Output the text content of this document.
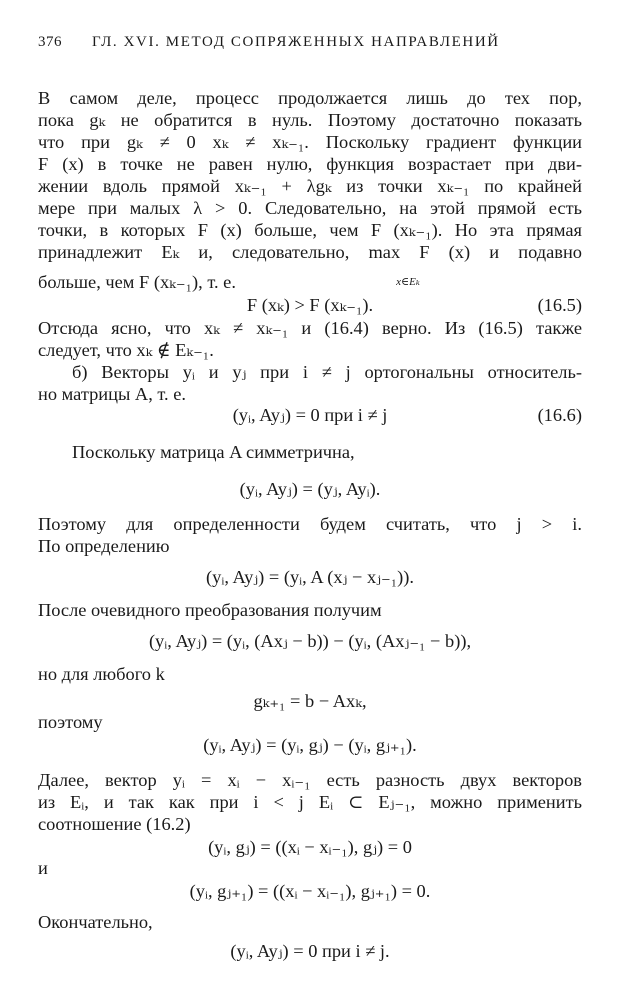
376 ГЛ. XVI. МЕТОД СОПРЯЖЕННЫХ НАПРАВЛЕНИЙ
В самом деле, процесс продолжается лишь до тех пор,
пока gₖ не обратится в нуль. Поэтому достаточно показать
что при gₖ ≠ 0 xₖ ≠ xₖ₋₁. Поскольку градиент функции
F (x) в точке не равен нулю, функция возрастает при дви-
жении вдоль прямой xₖ₋₁ + λgₖ из точки xₖ₋₁ по крайней
мере при малых λ > 0. Следовательно, на этой прямой есть
точки, в которых F (x) больше, чем F (xₖ₋₁). Но эта прямая
принадлежит Eₖ и, следовательно, max F (x) и подавно
x∈Eₖ
больше, чем F (xₖ₋₁), т. е.
F (xₖ) > F (xₖ₋₁).	(16.5)
Отсюда ясно, что xₖ ≠ xₖ₋₁ и (16.4) верно. Из (16.5) также
следует, что xₖ ∉ Eₖ₋₁.
б) Векторы yᵢ и yⱼ при i ≠ j ортогональны относитель-
но матрицы A, т. е.
(yᵢ, Ayⱼ) = 0 при i ≠ j	(16.6)
Поскольку матрица A симметрична,
(yᵢ, Ayⱼ) = (yⱼ, Ayᵢ).
Поэтому для определенности будем считать, что j > i.
По определению
(yᵢ, Ayⱼ) = (yᵢ, A (xⱼ − xⱼ₋₁)).
После очевидного преобразования получим
(yᵢ, Ayⱼ) = (yᵢ, (Axⱼ − b)) − (yᵢ, (Axⱼ₋₁ − b)),
но для любого k
gₖ₊₁ = b − Axₖ,
поэтому
(yᵢ, Ayⱼ) = (yᵢ, gⱼ) − (yᵢ, gⱼ₊₁).
Далее, вектор yᵢ = xᵢ − xᵢ₋₁ есть разность двух векторов
из Eᵢ, и так как при i < j Eᵢ ⊂ Eⱼ₋₁, можно применить
соотношение (16.2)
(yᵢ, gⱼ) = ((xᵢ − xᵢ₋₁), gⱼ) = 0
и
(yᵢ, gⱼ₊₁) = ((xᵢ − xᵢ₋₁), gⱼ₊₁) = 0.
Окончательно,
(yᵢ, Ayⱼ) = 0 при i ≠ j.
